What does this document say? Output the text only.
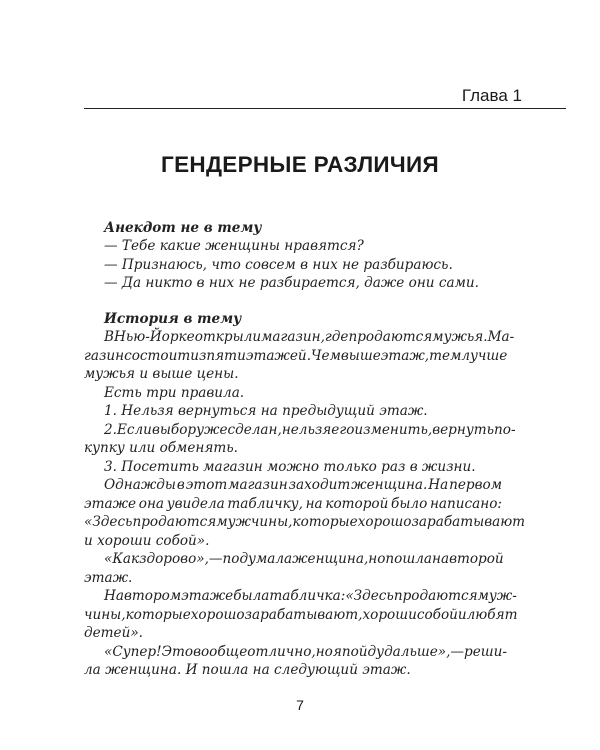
Глава 1
ГЕНДЕРНЫЕ РАЗЛИЧИЯ

Анекдот не в тему

— Тебе какие женщины нравятся?

— Признаюсь, что совсем в них не разбираюсь.

— Да никто в них не разбирается, даже они сами.

История в тему

В Нью-Йорке открыли магазин, где продаются мужья. Ма-

газин состоит из пяти этажей. Чем выше этаж, тем лучше

мужья и выше цены.

Есть три правила.

1. Нельзя вернуться на предыдущий этаж.

2. Если выбор уже сделан, нельзя его изменить, вернуть по-

купку или обменять.

3. Посетить магазин можно только раз в жизни.

Однажды в этот магазин заходит женщина. На первом

этаже она увидела табличку, на которой было написано:

«Здесь продаются мужчины, которые хорошо зарабатывают

и хороши собой».

«Как здорово», — подумала женщина, но пошла на второй

этаж.

На втором этаже была табличка: «Здесь продаются муж-

чины, которые хорошо зарабатывают, хороши собой и любят

детей».

«Супер! Это вообще отлично, но я пойду дальше», — реши-

ла женщина. И пошла на следующий этаж.

7
